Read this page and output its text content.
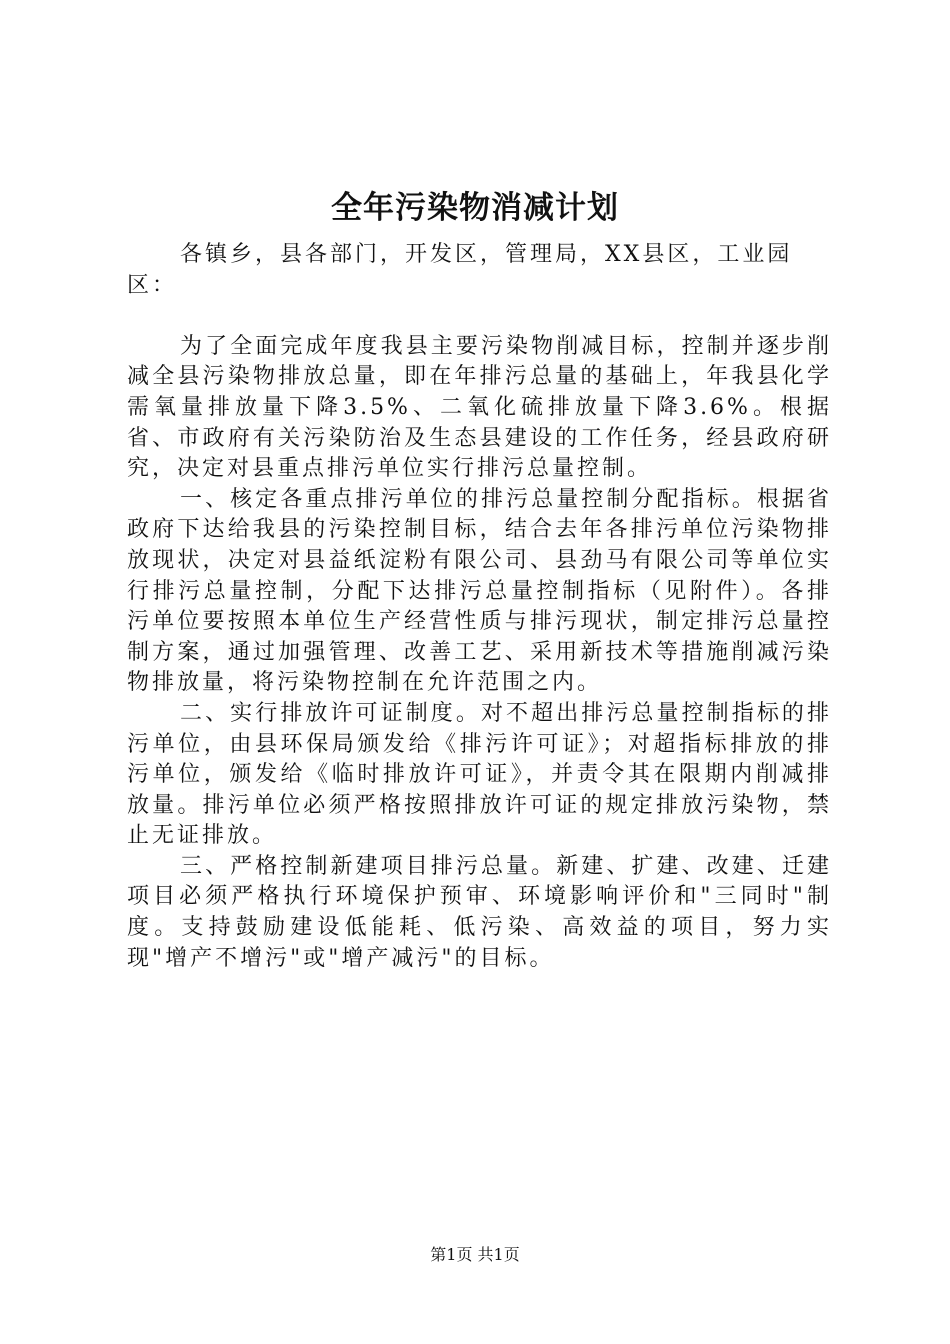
全年污染物消减计划

各镇乡，县各部门，开发区，管理局，XX县区，工业园区：

为了全面完成年度我县主要污染物削减目标，控制并逐步削减全县污染物排放总量，即在年排污总量的基础上，年我县化学需氧量排放量下降3.5%、二氧化硫排放量下降3.6%。根据省、市政府有关污染防治及生态县建设的工作任务，经县政府研究，决定对县重点排污单位实行排污总量控制。

一、核定各重点排污单位的排污总量控制分配指标。根据省政府下达给我县的污染控制目标，结合去年各排污单位污染物排放现状，决定对县益纸淀粉有限公司、县劲马有限公司等单位实行排污总量控制，分配下达排污总量控制指标（见附件）。各排污单位要按照本单位生产经营性质与排污现状，制定排污总量控制方案，通过加强管理、改善工艺、采用新技术等措施削减污染物排放量，将污染物控制在允许范围之内。

二、实行排放许可证制度。对不超出排污总量控制指标的排污单位，由县环保局颁发给《排污许可证》；对超指标排放的排污单位，颁发给《临时排放许可证》，并责令其在限期内削减排放量。排污单位必须严格按照排放许可证的规定排放污染物，禁止无证排放。

三、严格控制新建项目排污总量。新建、扩建、改建、迁建项目必须严格执行环境保护预审、环境影响评价和"三同时"制度。支持鼓励建设低能耗、低污染、高效益的项目，努力实现"增产不增污"或"增产减污"的目标。

第1页 共1页
